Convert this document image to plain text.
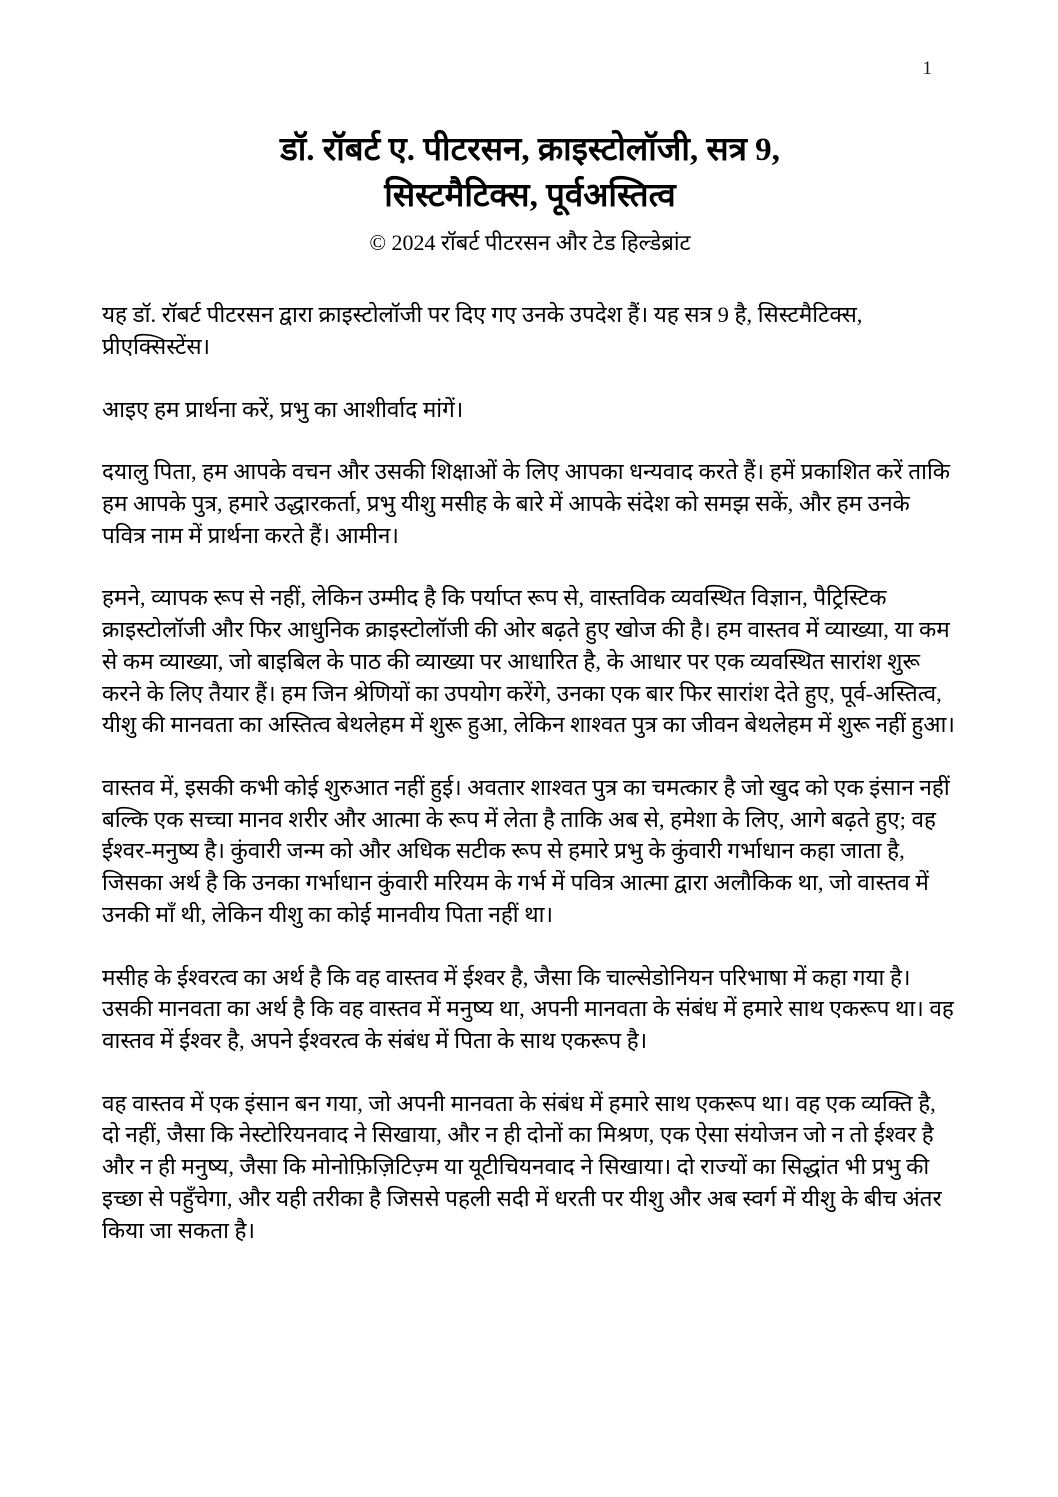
1
डॉ. रॉबर्ट ए. पीटरसन, क्राइस्टोलॉजी, सत्र 9,
सिस्टमैटिक्स, पूर्वअस्तित्व
© 2024 रॉबर्ट पीटरसन और टेड हिल्डेब्रांट

यह डॉ. रॉबर्ट पीटरसन द्वारा क्राइस्टोलॉजी पर दिए गए उनके उपदेश हैं। यह सत्र 9 है, सिस्टमैटिक्स, प्रीएक्सिस्टेंस।

आइए हम प्रार्थना करें, प्रभु का आशीर्वाद मांगें।

दयालु पिता, हम आपके वचन और उसकी शिक्षाओं के लिए आपका धन्यवाद करते हैं। हमें प्रकाशित करें ताकि हम आपके पुत्र, हमारे उद्धारकर्ता, प्रभु यीशु मसीह के बारे में आपके संदेश को समझ सकें, और हम उनके पवित्र नाम में प्रार्थना करते हैं। आमीन।

हमने, व्यापक रूप से नहीं, लेकिन उम्मीद है कि पर्याप्त रूप से, वास्तविक व्यवस्थित विज्ञान, पैट्रिस्टिक क्राइस्टोलॉजी और फिर आधुनिक क्राइस्टोलॉजी की ओर बढ़ते हुए खोज की है। हम वास्तव में व्याख्या, या कम से कम व्याख्या, जो बाइबिल के पाठ की व्याख्या पर आधारित है, के आधार पर एक व्यवस्थित सारांश शुरू करने के लिए तैयार हैं। हम जिन श्रेणियों का उपयोग करेंगे, उनका एक बार फिर सारांश देते हुए, पूर्व-अस्तित्व, यीशु की मानवता का अस्तित्व बेथलेहम में शुरू हुआ, लेकिन शाश्वत पुत्र का जीवन बेथलेहम में शुरू नहीं हुआ।

वास्तव में, इसकी कभी कोई शुरुआत नहीं हुई। अवतार शाश्वत पुत्र का चमत्कार है जो खुद को एक इंसान नहीं बल्कि एक सच्चा मानव शरीर और आत्मा के रूप में लेता है ताकि अब से, हमेशा के लिए, आगे बढ़ते हुए; वह ईश्वर-मनुष्य है। कुंवारी जन्म को और अधिक सटीक रूप से हमारे प्रभु के कुंवारी गर्भाधान कहा जाता है, जिसका अर्थ है कि उनका गर्भाधान कुंवारी मरियम के गर्भ में पवित्र आत्मा द्वारा अलौकिक था, जो वास्तव में उनकी माँ थी, लेकिन यीशु का कोई मानवीय पिता नहीं था।

मसीह के ईश्वरत्व का अर्थ है कि वह वास्तव में ईश्वर है, जैसा कि चाल्सेडोनियन परिभाषा में कहा गया है। उसकी मानवता का अर्थ है कि वह वास्तव में मनुष्य था, अपनी मानवता के संबंध में हमारे साथ एकरूप था। वह वास्तव में ईश्वर है, अपने ईश्वरत्व के संबंध में पिता के साथ एकरूप है।

वह वास्तव में एक इंसान बन गया, जो अपनी मानवता के संबंध में हमारे साथ एकरूप था। वह एक व्यक्ति है, दो नहीं, जैसा कि नेस्टोरियनवाद ने सिखाया, और न ही दोनों का मिश्रण, एक ऐसा संयोजन जो न तो ईश्वर है और न ही मनुष्य, जैसा कि मोनोफ़िज़िटिज़्म या यूटीचियनवाद ने सिखाया। दो राज्यों का सिद्धांत भी प्रभु की इच्छा से पहुँचेगा, और यही तरीका है जिससे पहली सदी में धरती पर यीशु और अब स्वर्ग में यीशु के बीच अंतर किया जा सकता है।
